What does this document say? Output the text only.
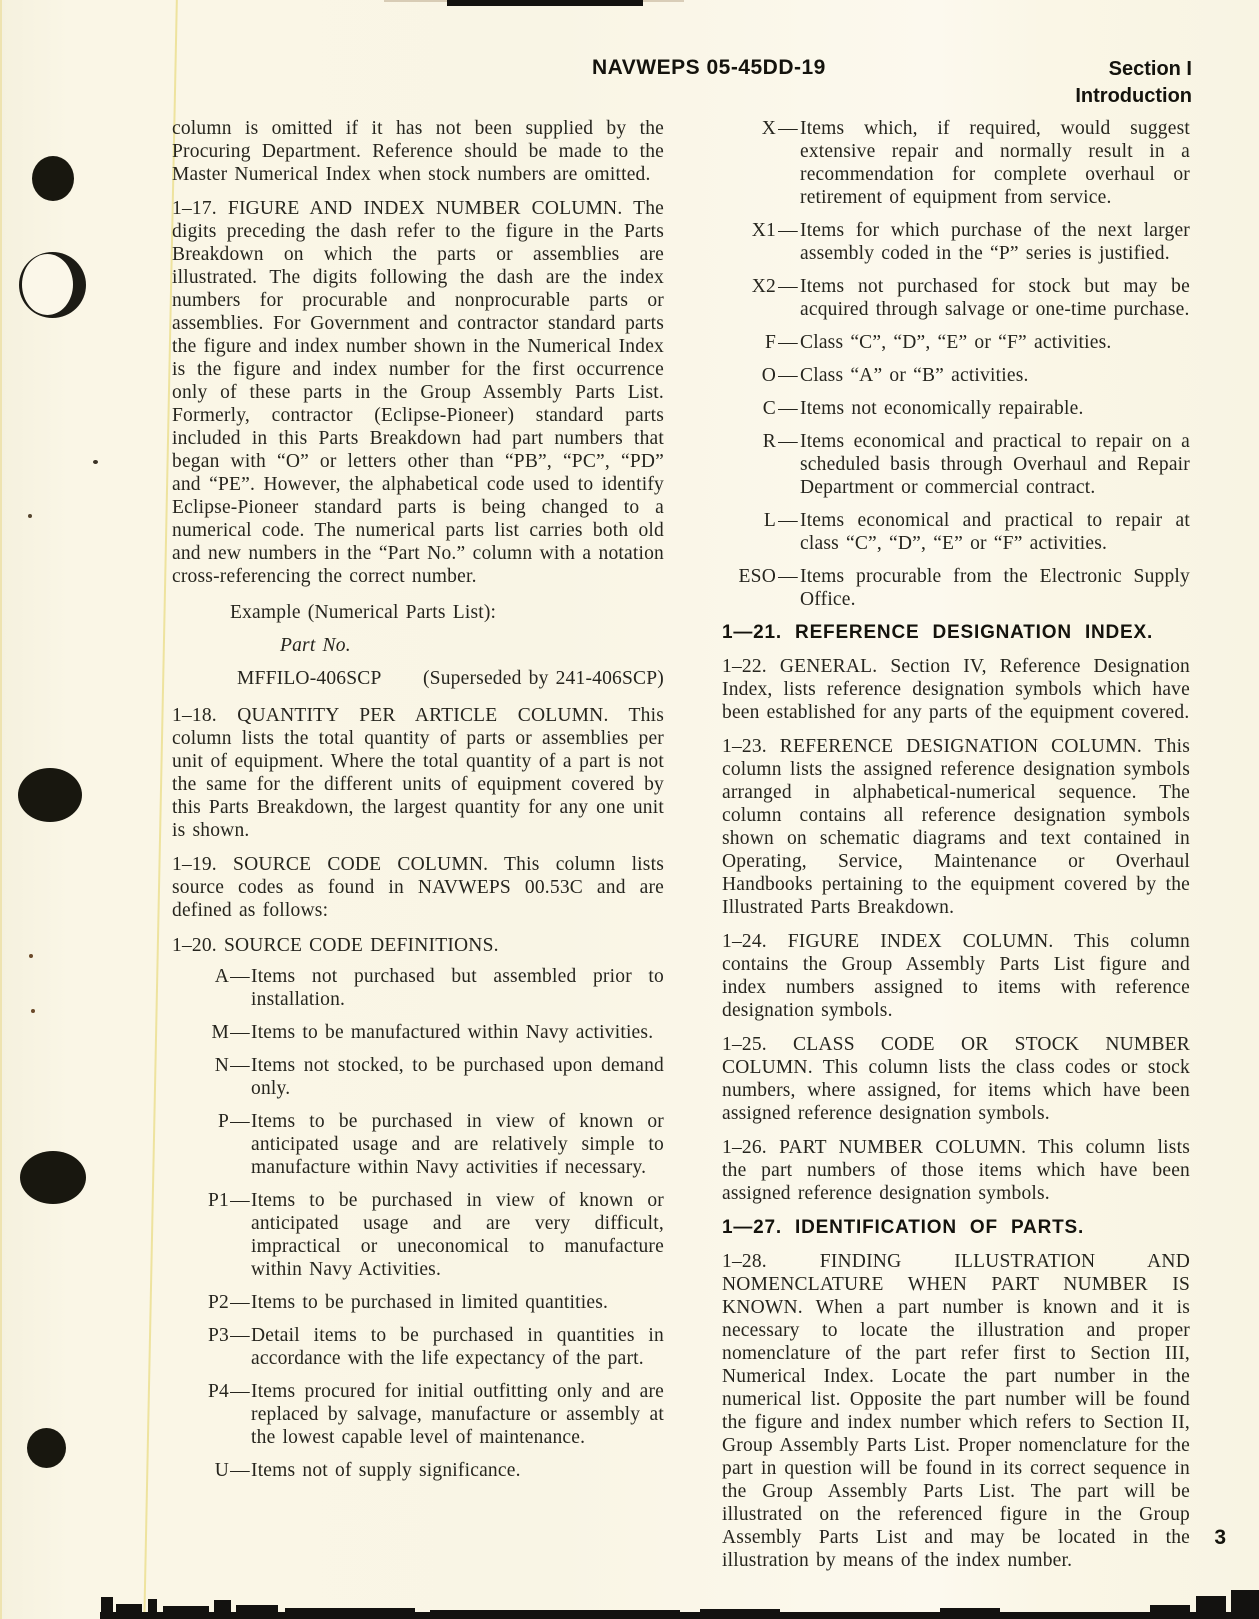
NAVWEPS 05-45DD-19	Section I
Introduction

column is omitted if it has not been supplied by the Procuring Department. Reference should be made to the Master Numerical Index when stock numbers are omitted.

1–17. FIGURE AND INDEX NUMBER COLUMN. The digits preceding the dash refer to the figure in the Parts Breakdown on which the parts or assemblies are illustrated. The digits following the dash are the index numbers for procurable and nonprocurable parts or assemblies. For Government and contractor standard parts the figure and index number shown in the Numerical Index is the figure and index number for the first occurrence only of these parts in the Group Assembly Parts List. Formerly, contractor (Eclipse-Pioneer) standard parts included in this Parts Breakdown had part numbers that began with “O” or letters other than “PB”, “PC”, “PD” and “PE”. However, the alphabetical code used to identify Eclipse-Pioneer standard parts is being changed to a numerical code. The numerical parts list carries both old and new numbers in the “Part No.” column with a notation cross-referencing the correct number.

Example (Numerical Parts List):

Part No.

MFFILO-406SCP (Superseded by 241-406SCP)

1–18. QUANTITY PER ARTICLE COLUMN. This column lists the total quantity of parts or assemblies per unit of equipment. Where the total quantity of a part is not the same for the different units of equipment covered by this Parts Breakdown, the largest quantity for any one unit is shown.

1–19. SOURCE CODE COLUMN. This column lists source codes as found in NAVWEPS 00.53C and are defined as follows:

1–20. SOURCE CODE DEFINITIONS.

A — Items not purchased but assembled prior to installation.
M — Items to be manufactured within Navy activities.
N — Items not stocked, to be purchased upon demand only.
P — Items to be purchased in view of known or anticipated usage and are relatively simple to manufacture within Navy activities if necessary.
P1 — Items to be purchased in view of known or anticipated usage and are very difficult, impractical or uneconomical to manufacture within Navy Activities.
P2 — Items to be purchased in limited quantities.
P3 — Detail items to be purchased in quantities in accordance with the life expectancy of the part.
P4 — Items procured for initial outfitting only and are replaced by salvage, manufacture or assembly at the lowest capable level of maintenance.
U — Items not of supply significance.
X — Items which, if required, would suggest extensive repair and normally result in a recommendation for complete overhaul or retirement of equipment from service.
X1 — Items for which purchase of the next larger assembly coded in the “P” series is justified.
X2 — Items not purchased for stock but may be acquired through salvage or one-time purchase.
F — Class “C”, “D”, “E” or “F” activities.
O — Class “A” or “B” activities.
C — Items not economically repairable.
R — Items economical and practical to repair on a scheduled basis through Overhaul and Repair Department or commercial contract.
L — Items economical and practical to repair at class “C”, “D”, “E” or “F” activities.
ESO — Items procurable from the Electronic Supply Office.

1—21. REFERENCE DESIGNATION INDEX.

1–22. GENERAL. Section IV, Reference Designation Index, lists reference designation symbols which have been established for any parts of the equipment covered.

1–23. REFERENCE DESIGNATION COLUMN. This column lists the assigned reference designation symbols arranged in alphabetical-numerical sequence. The column contains all reference designation symbols shown on schematic diagrams and text contained in Operating, Service, Maintenance or Overhaul Handbooks pertaining to the equipment covered by the Illustrated Parts Breakdown.

1–24. FIGURE INDEX COLUMN. This column contains the Group Assembly Parts List figure and index numbers assigned to items with reference designation symbols.

1–25. CLASS CODE OR STOCK NUMBER COLUMN. This column lists the class codes or stock numbers, where assigned, for items which have been assigned reference designation symbols.

1–26. PART NUMBER COLUMN. This column lists the part numbers of those items which have been assigned reference designation symbols.

1—27. IDENTIFICATION OF PARTS.

1–28. FINDING ILLUSTRATION AND NOMENCLATURE WHEN PART NUMBER IS KNOWN. When a part number is known and it is necessary to locate the illustration and proper nomenclature of the part refer first to Section III, Numerical Index. Locate the part number in the numerical list. Opposite the part number will be found the figure and index number which refers to Section II, Group Assembly Parts List. Proper nomenclature for the part in question will be found in its correct sequence in the Group Assembly Parts List. The part will be illustrated on the referenced figure in the Group Assembly Parts List and may be located in the illustration by means of the index number.

3
